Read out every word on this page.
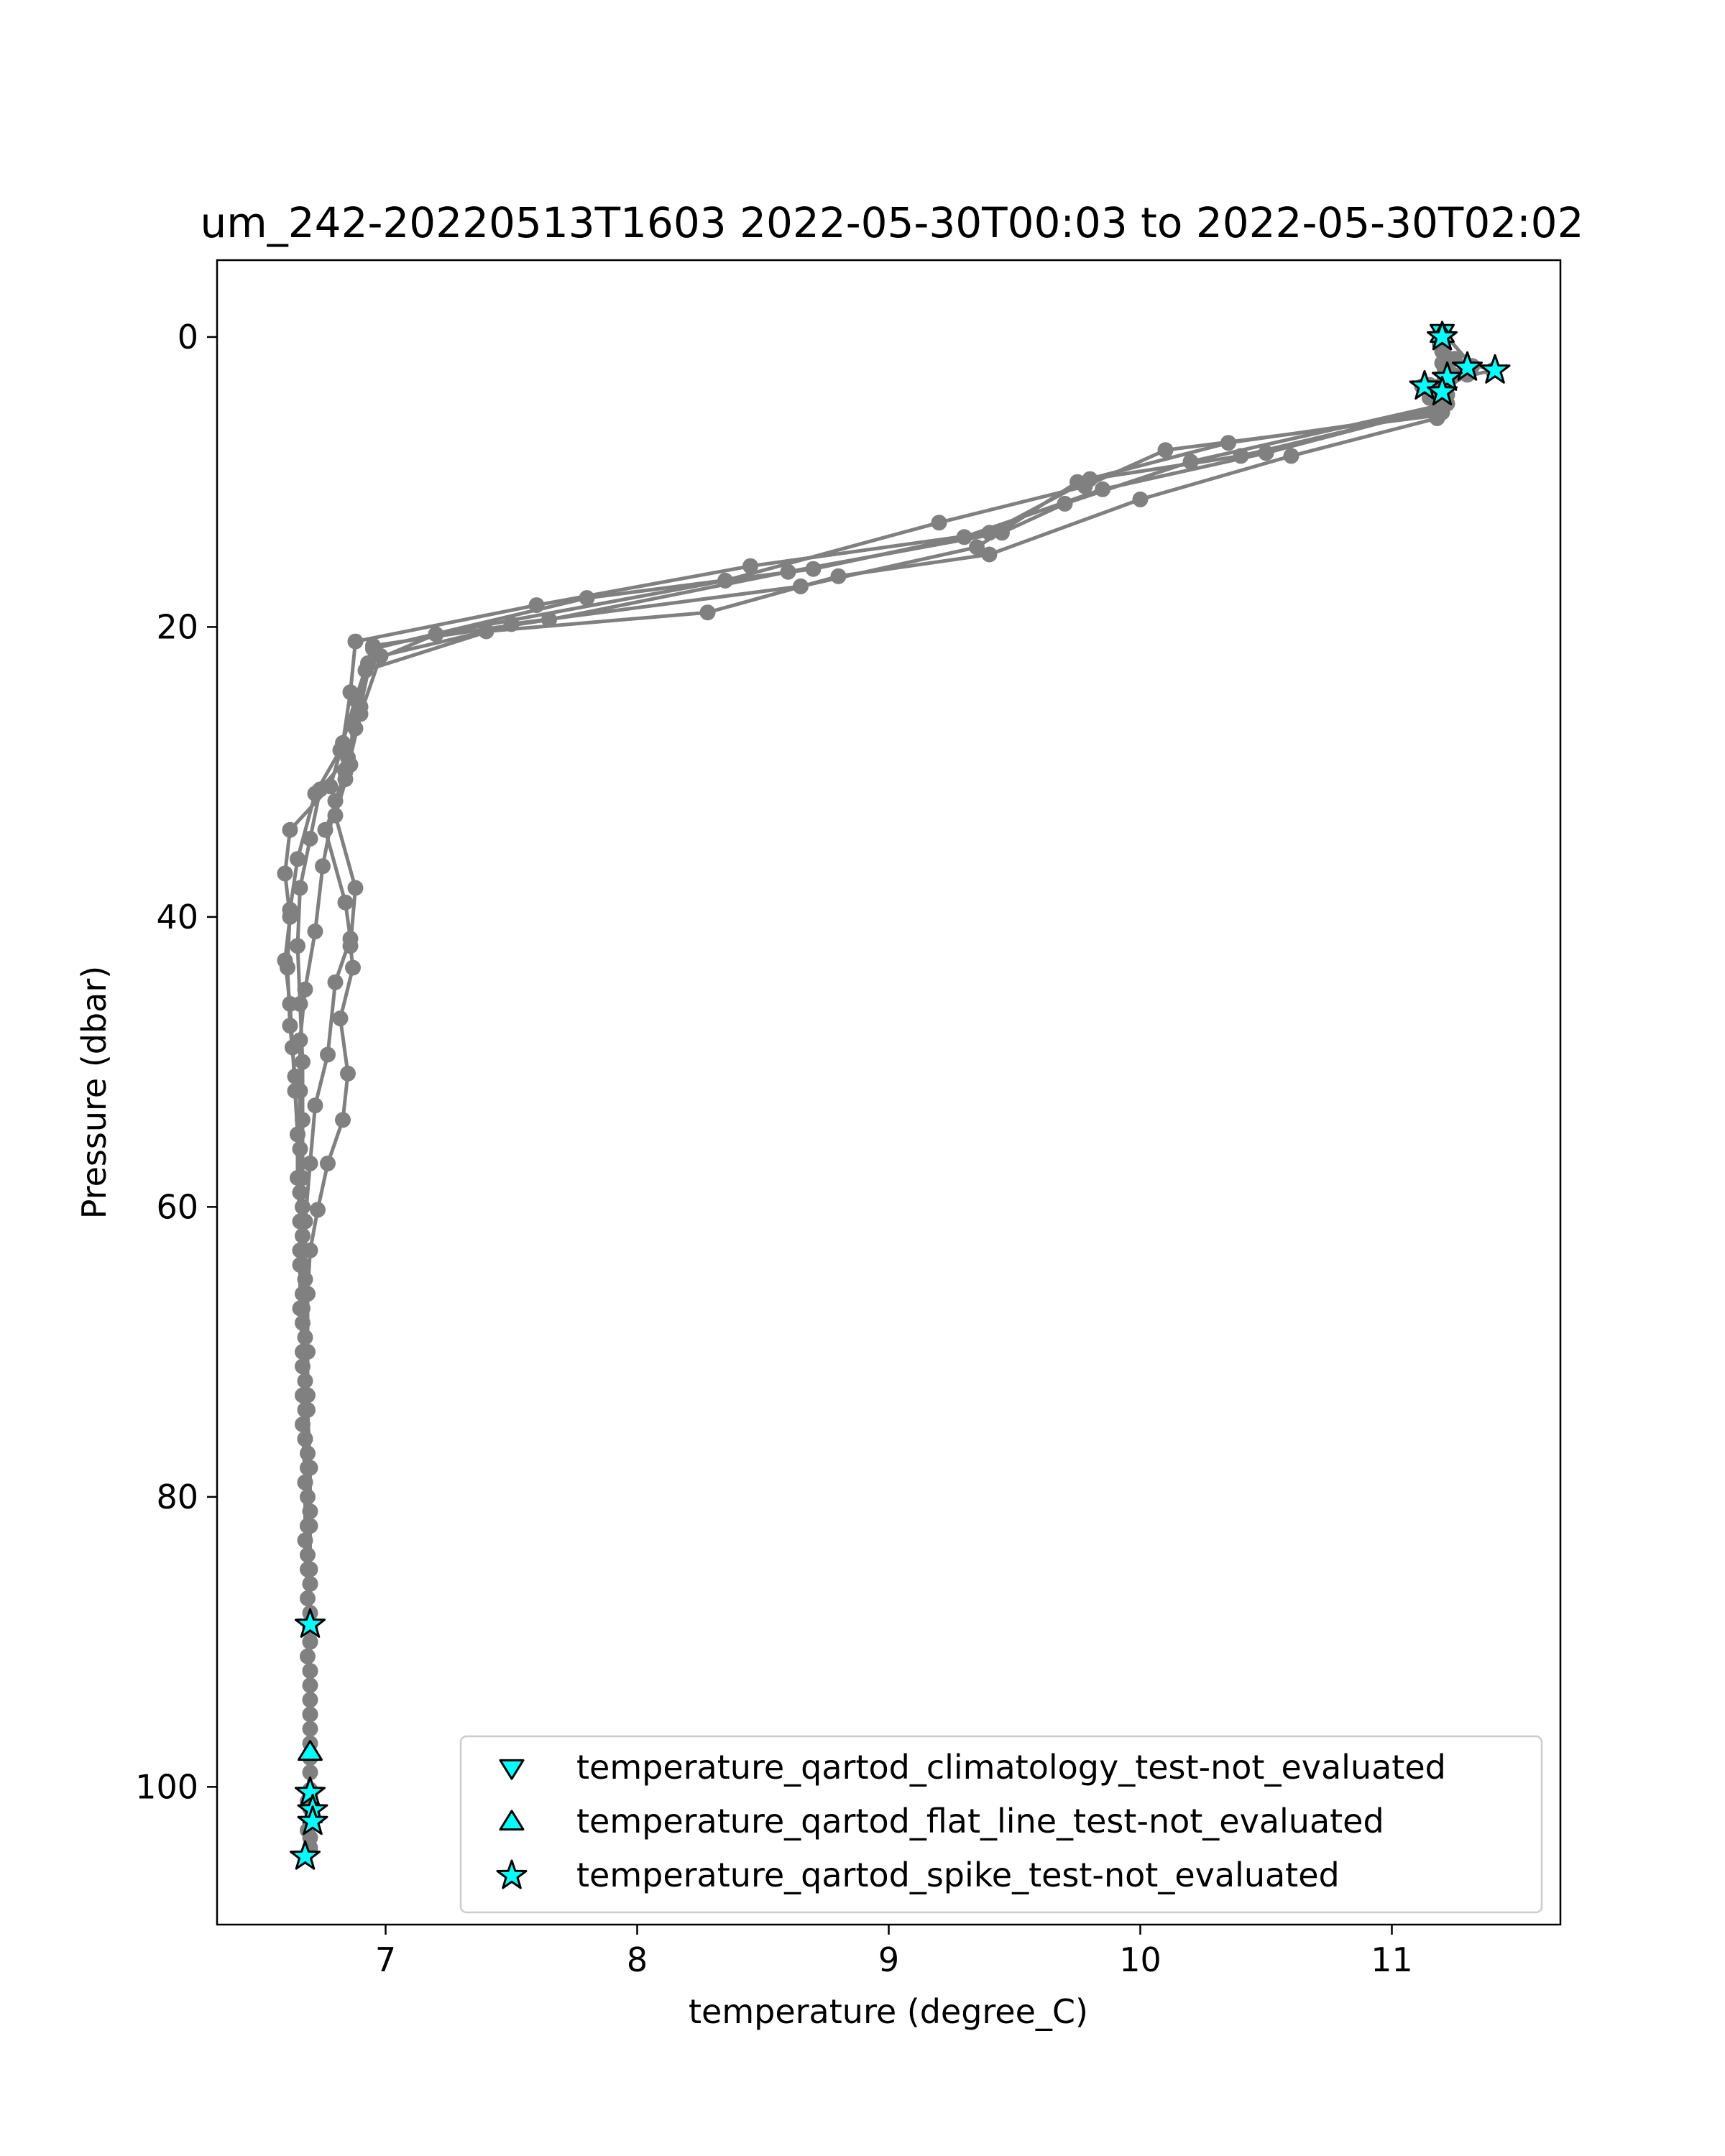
um_242-20220513T1603 2022-05-30T00:03 to 2022-05-30T02:02
7	8	9	10	11
0
20
40
60
80
100
temperature (degree_C)
Pressure (dbar)
temperature_qartod_climatology_test-not_evaluated
temperature_qartod_flat_line_test-not_evaluated
temperature_qartod_spike_test-not_evaluated
